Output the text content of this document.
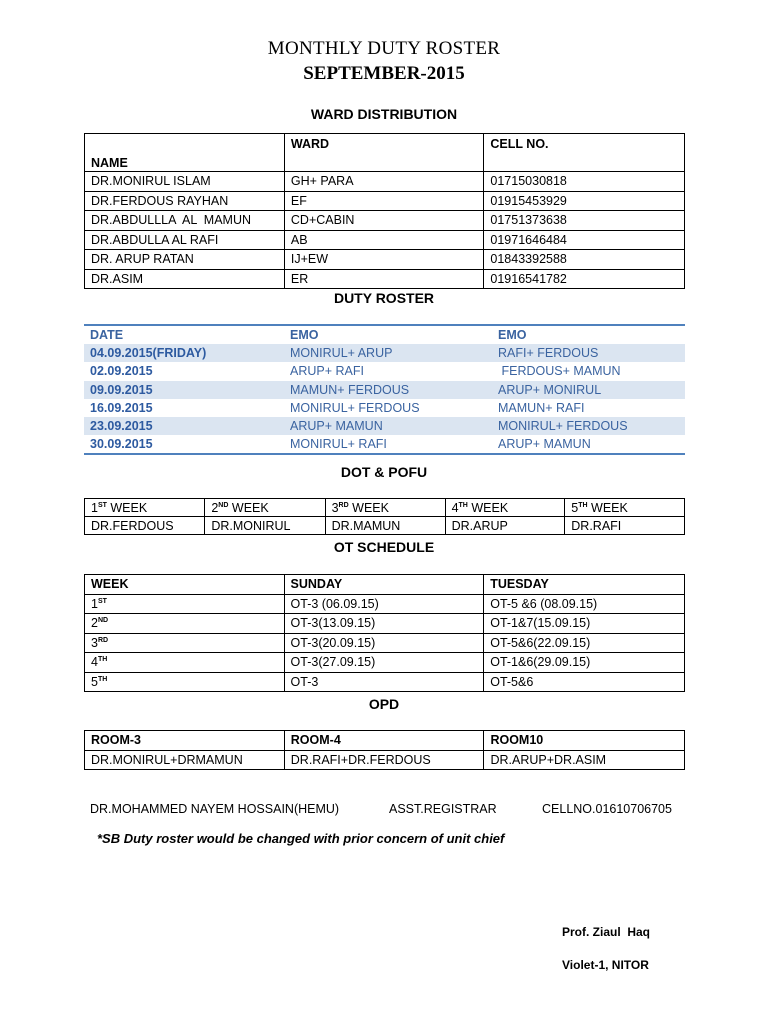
MONTHLY DUTY ROSTER
SEPTEMBER-2015
WARD DISTRIBUTION
NAME	WARD	CELL NO.
DR.MONIRUL ISLAM	GH+ PARA	01715030818
DR.FERDOUS RAYHAN	EF	01915453929
DR.ABDULLLA  AL  MAMUN	CD+CABIN	01751373638
DR.ABDULLA AL RAFI	AB	01971646484
DR. ARUP RATAN	IJ+EW	01843392588
DR.ASIM	ER	01916541782
DUTY ROSTER
DATE	EMO	EMO
04.09.2015(FRIDAY)	MONIRUL+ ARUP	RAFI+ FERDOUS
02.09.2015	ARUP+ RAFI	FERDOUS+ MAMUN
09.09.2015	MAMUN+ FERDOUS	ARUP+ MONIRUL
16.09.2015	MONIRUL+ FERDOUS	MAMUN+ RAFI
23.09.2015	ARUP+ MAMUN	MONIRUL+ FERDOUS
30.09.2015	MONIRUL+ RAFI	ARUP+ MAMUN
DOT & POFU
1ST WEEK	2ND WEEK	3RD WEEK	4TH WEEK	5TH WEEK
DR.FERDOUS	DR.MONIRUL	DR.MAMUN	DR.ARUP	DR.RAFI
OT SCHEDULE
WEEK	SUNDAY	TUESDAY
1ST	OT-3 (06.09.15)	OT-5 &6 (08.09.15)
2ND	OT-3(13.09.15)	OT-1&7(15.09.15)
3RD	OT-3(20.09.15)	OT-5&6(22.09.15)
4TH	OT-3(27.09.15)	OT-1&6(29.09.15)
5TH	OT-3	OT-5&6
OPD
ROOM-3	ROOM-4	ROOM10
DR.MONIRUL+DRMAMUN	DR.RAFI+DR.FERDOUS	DR.ARUP+DR.ASIM
DR.MOHAMMED NAYEM HOSSAIN(HEMU)	ASST.REGISTRAR	CELLNO.01610706705
*SB Duty roster would be changed with prior concern of unit chief
Prof. Ziaul  Haq
Violet-1, NITOR
